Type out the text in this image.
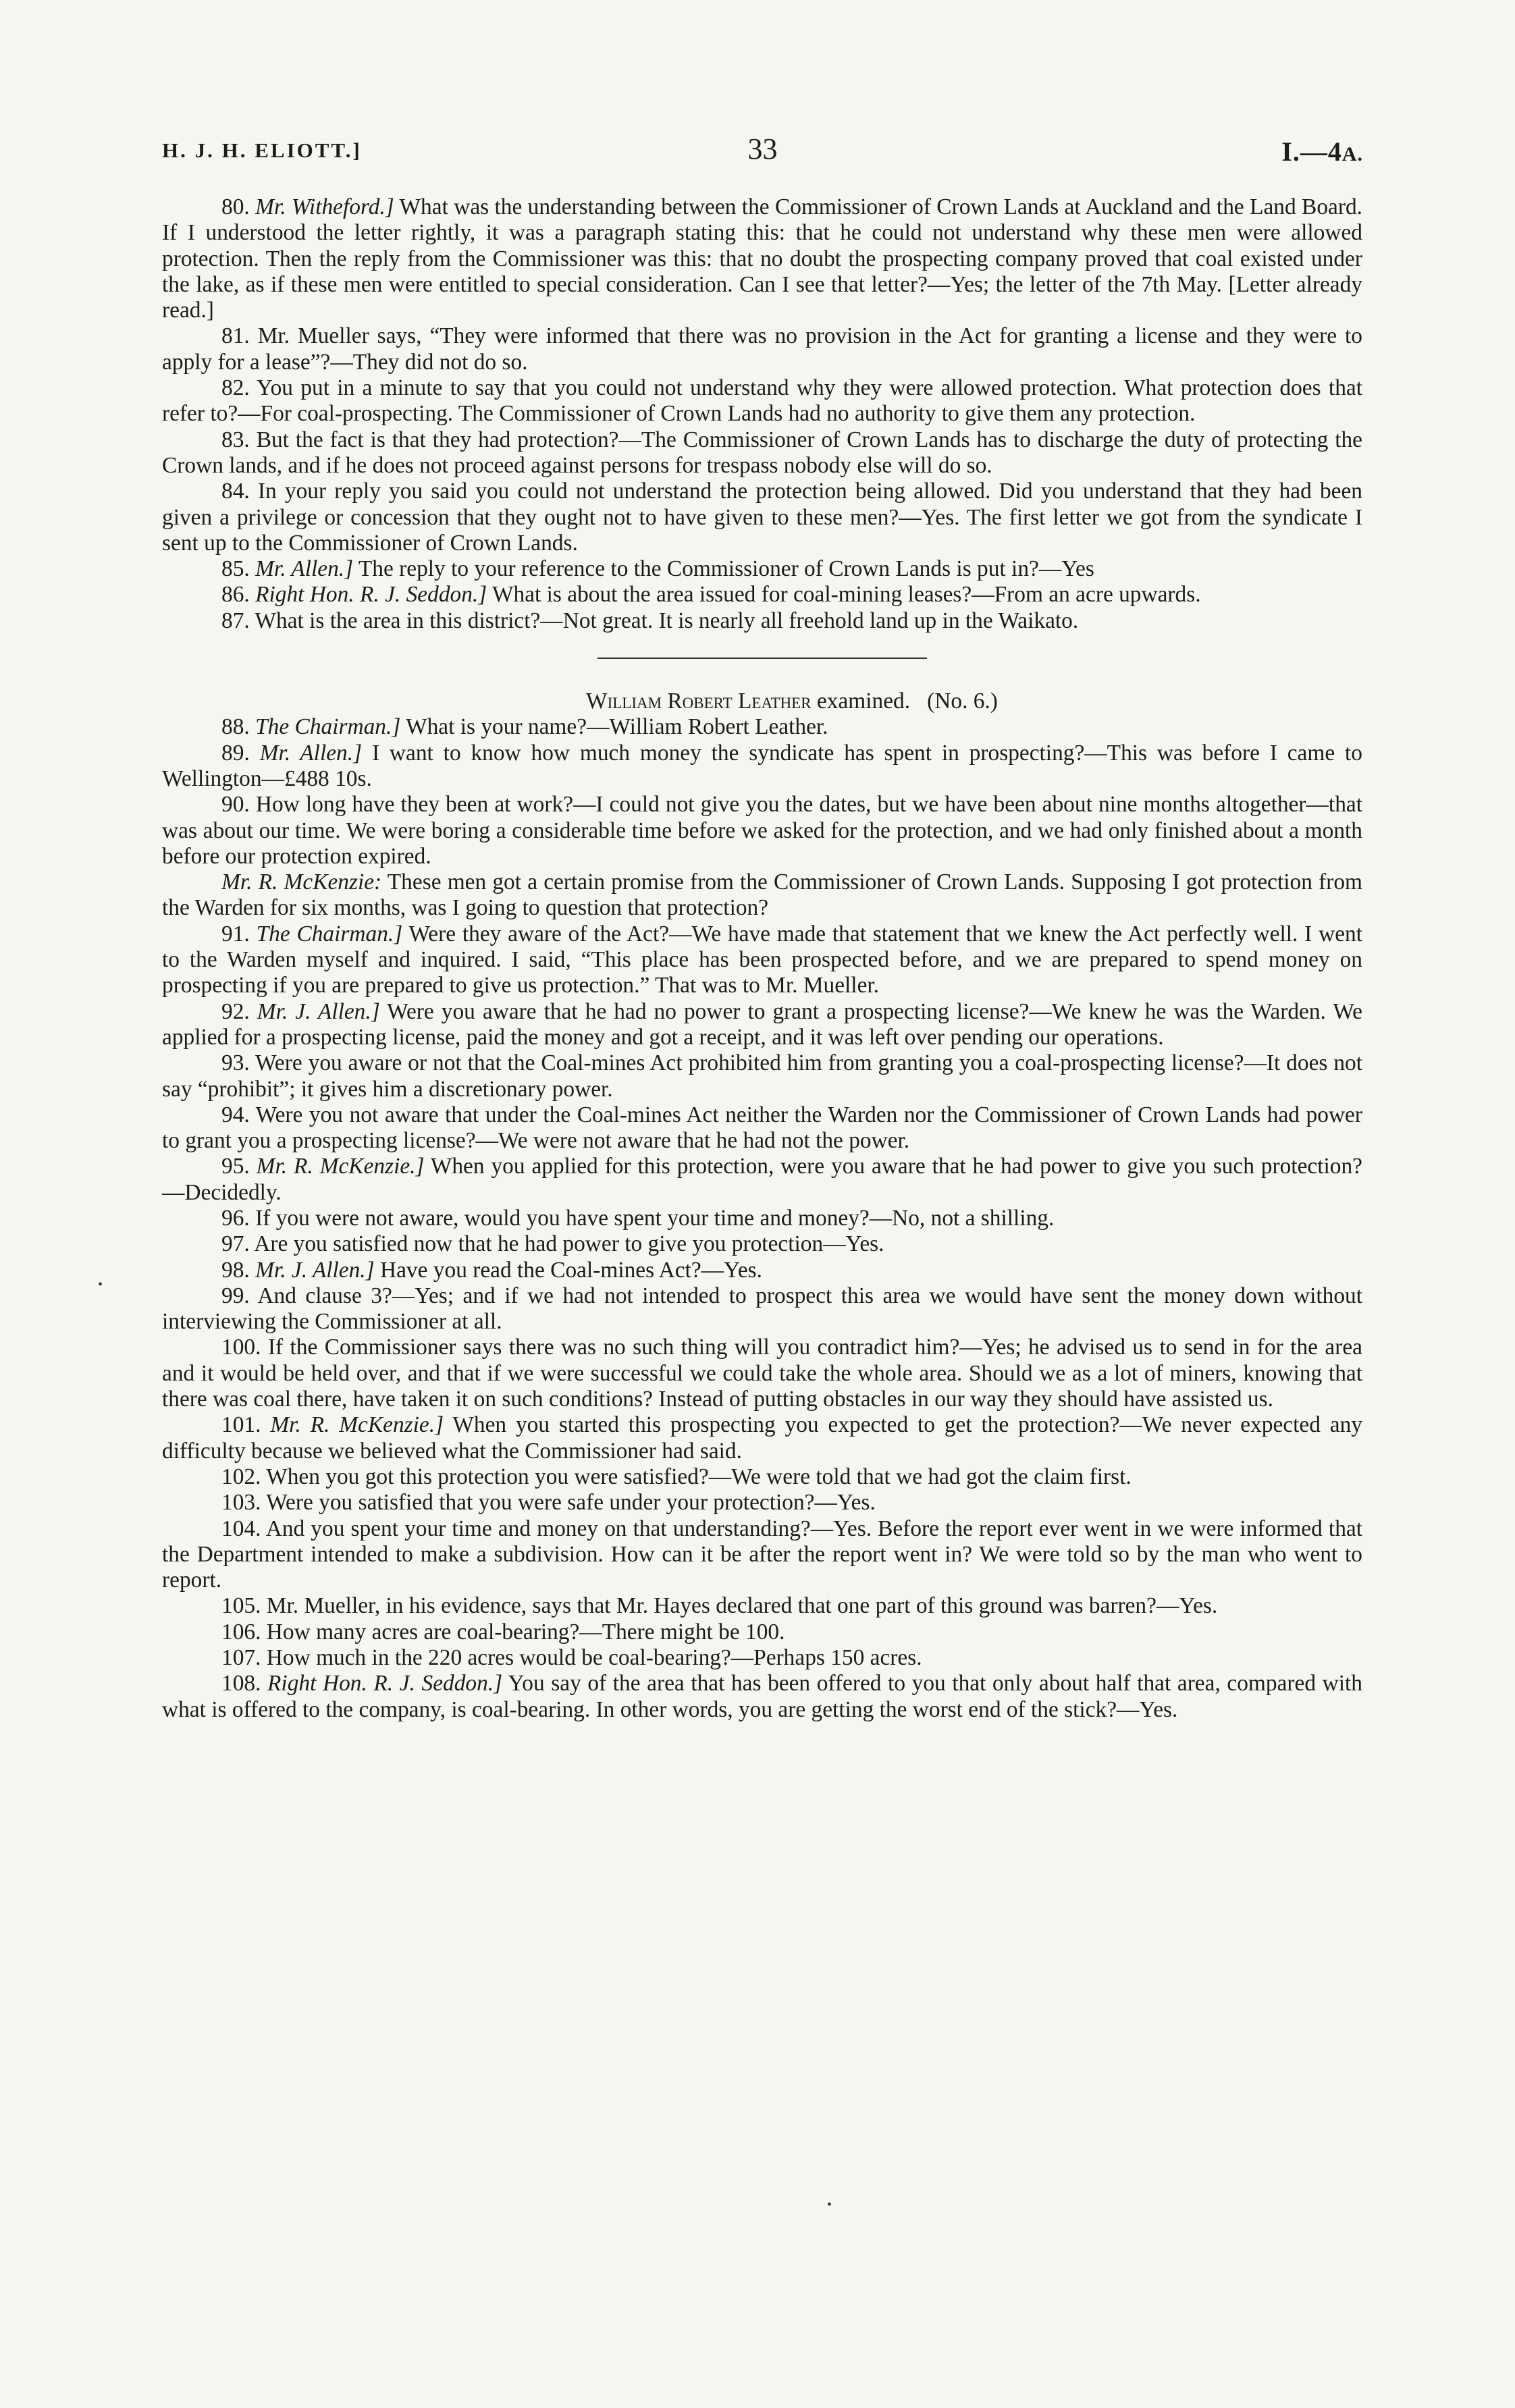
H. J. H. ELIOTT.]	33	I.—4A.

80. Mr. Witheford.] What was the understanding between the Commissioner of Crown Lands at Auckland and the Land Board. If I understood the letter rightly, it was a paragraph stating this: that he could not understand why these men were allowed protection. Then the reply from the Commissioner was this: that no doubt the prospecting company proved that coal existed under the lake, as if these men were entitled to special consideration. Can I see that letter?—Yes; the letter of the 7th May. [Letter already read.]

81. Mr. Mueller says, “They were informed that there was no provision in the Act for granting a license and they were to apply for a lease”?—They did not do so.

82. You put in a minute to say that you could not understand why they were allowed protection. What protection does that refer to?—For coal-prospecting. The Commissioner of Crown Lands had no authority to give them any protection.

83. But the fact is that they had protection?—The Commissioner of Crown Lands has to discharge the duty of protecting the Crown lands, and if he does not proceed against persons for trespass nobody else will do so.

84. In your reply you said you could not understand the protection being allowed. Did you understand that they had been given a privilege or concession that they ought not to have given to these men?—Yes. The first letter we got from the syndicate I sent up to the Commissioner of Crown Lands.

85. Mr. Allen.] The reply to your reference to the Commissioner of Crown Lands is put in?—Yes

86. Right Hon. R. J. Seddon.] What is about the area issued for coal-mining leases?—From an acre upwards.

87. What is the area in this district?—Not great. It is nearly all freehold land up in the Waikato.

William Robert Leather examined. (No. 6.)

88. The Chairman.] What is your name?—William Robert Leather.

89. Mr. Allen.] I want to know how much money the syndicate has spent in prospecting?—This was before I came to Wellington—£488 10s.

90. How long have they been at work?—I could not give you the dates, but we have been about nine months altogether—that was about our time. We were boring a considerable time before we asked for the protection, and we had only finished about a month before our protection expired.

Mr. R. McKenzie: These men got a certain promise from the Commissioner of Crown Lands. Supposing I got protection from the Warden for six months, was I going to question that protection?

91. The Chairman.] Were they aware of the Act?—We have made that statement that we knew the Act perfectly well. I went to the Warden myself and inquired. I said, “This place has been prospected before, and we are prepared to spend money on prospecting if you are prepared to give us protection.” That was to Mr. Mueller.

92. Mr. J. Allen.] Were you aware that he had no power to grant a prospecting license?—We knew he was the Warden. We applied for a prospecting license, paid the money and got a receipt, and it was left over pending our operations.

93. Were you aware or not that the Coal-mines Act prohibited him from granting you a coal-prospecting license?—It does not say “prohibit”; it gives him a discretionary power.

94. Were you not aware that under the Coal-mines Act neither the Warden nor the Commissioner of Crown Lands had power to grant you a prospecting license?—We were not aware that he had not the power.

95. Mr. R. McKenzie.] When you applied for this protection, were you aware that he had power to give you such protection?—Decidedly.

96. If you were not aware, would you have spent your time and money?—No, not a shilling.

97. Are you satisfied now that he had power to give you protection—Yes.

98. Mr. J. Allen.] Have you read the Coal-mines Act?—Yes.

99. And clause 3?—Yes; and if we had not intended to prospect this area we would have sent the money down without interviewing the Commissioner at all.

100. If the Commissioner says there was no such thing will you contradict him?—Yes; he advised us to send in for the area and it would be held over, and that if we were successful we could take the whole area. Should we as a lot of miners, knowing that there was coal there, have taken it on such conditions? Instead of putting obstacles in our way they should have assisted us.

101. Mr. R. McKenzie.] When you started this prospecting you expected to get the protection?—We never expected any difficulty because we believed what the Commissioner had said.

102. When you got this protection you were satisfied?—We were told that we had got the claim first.

103. Were you satisfied that you were safe under your protection?—Yes.

104. And you spent your time and money on that understanding?—Yes. Before the report ever went in we were informed that the Department intended to make a subdivision. How can it be after the report went in? We were told so by the man who went to report.

105. Mr. Mueller, in his evidence, says that Mr. Hayes declared that one part of this ground was barren?—Yes.

106. How many acres are coal-bearing?—There might be 100.

107. How much in the 220 acres would be coal-bearing?—Perhaps 150 acres.

108. Right Hon. R. J. Seddon.] You say of the area that has been offered to you that only about half that area, compared with what is offered to the company, is coal-bearing. In other words, you are getting the worst end of the stick?—Yes.

•
•
